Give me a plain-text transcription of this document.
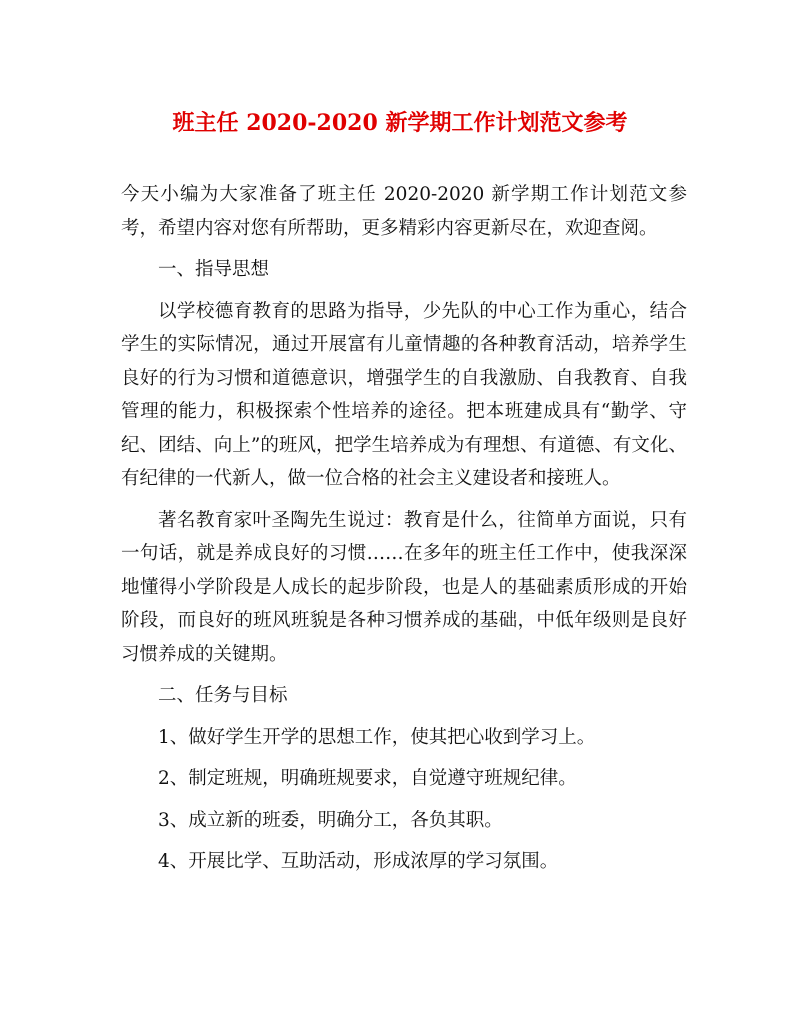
班主任 2020-2020 新学期工作计划范文参考

今天小编为大家准备了班主任 2020-2020 新学期工作计划范文参考，希望内容对您有所帮助，更多精彩内容更新尽在，欢迎查阅。

一、指导思想

以学校德育教育的思路为指导，少先队的中心工作为重心，结合学生的实际情况，通过开展富有儿童情趣的各种教育活动，培养学生良好的行为习惯和道德意识，增强学生的自我激励、自我教育、自我管理的能力，积极探索个性培养的途径。把本班建成具有“勤学、守纪、团结、向上”的班风，把学生培养成为有理想、有道德、有文化、有纪律的一代新人，做一位合格的社会主义建设者和接班人。

著名教育家叶圣陶先生说过：教育是什么，往简单方面说，只有一句话，就是养成良好的习惯……在多年的班主任工作中，使我深深地懂得小学阶段是人成长的起步阶段，也是人的基础素质形成的开始阶段，而良好的班风班貌是各种习惯养成的基础，中低年级则是良好习惯养成的关键期。

二、任务与目标

1、做好学生开学的思想工作，使其把心收到学习上。

2、制定班规，明确班规要求，自觉遵守班规纪律。

3、成立新的班委，明确分工，各负其职。

4、开展比学、互助活动，形成浓厚的学习氛围。
